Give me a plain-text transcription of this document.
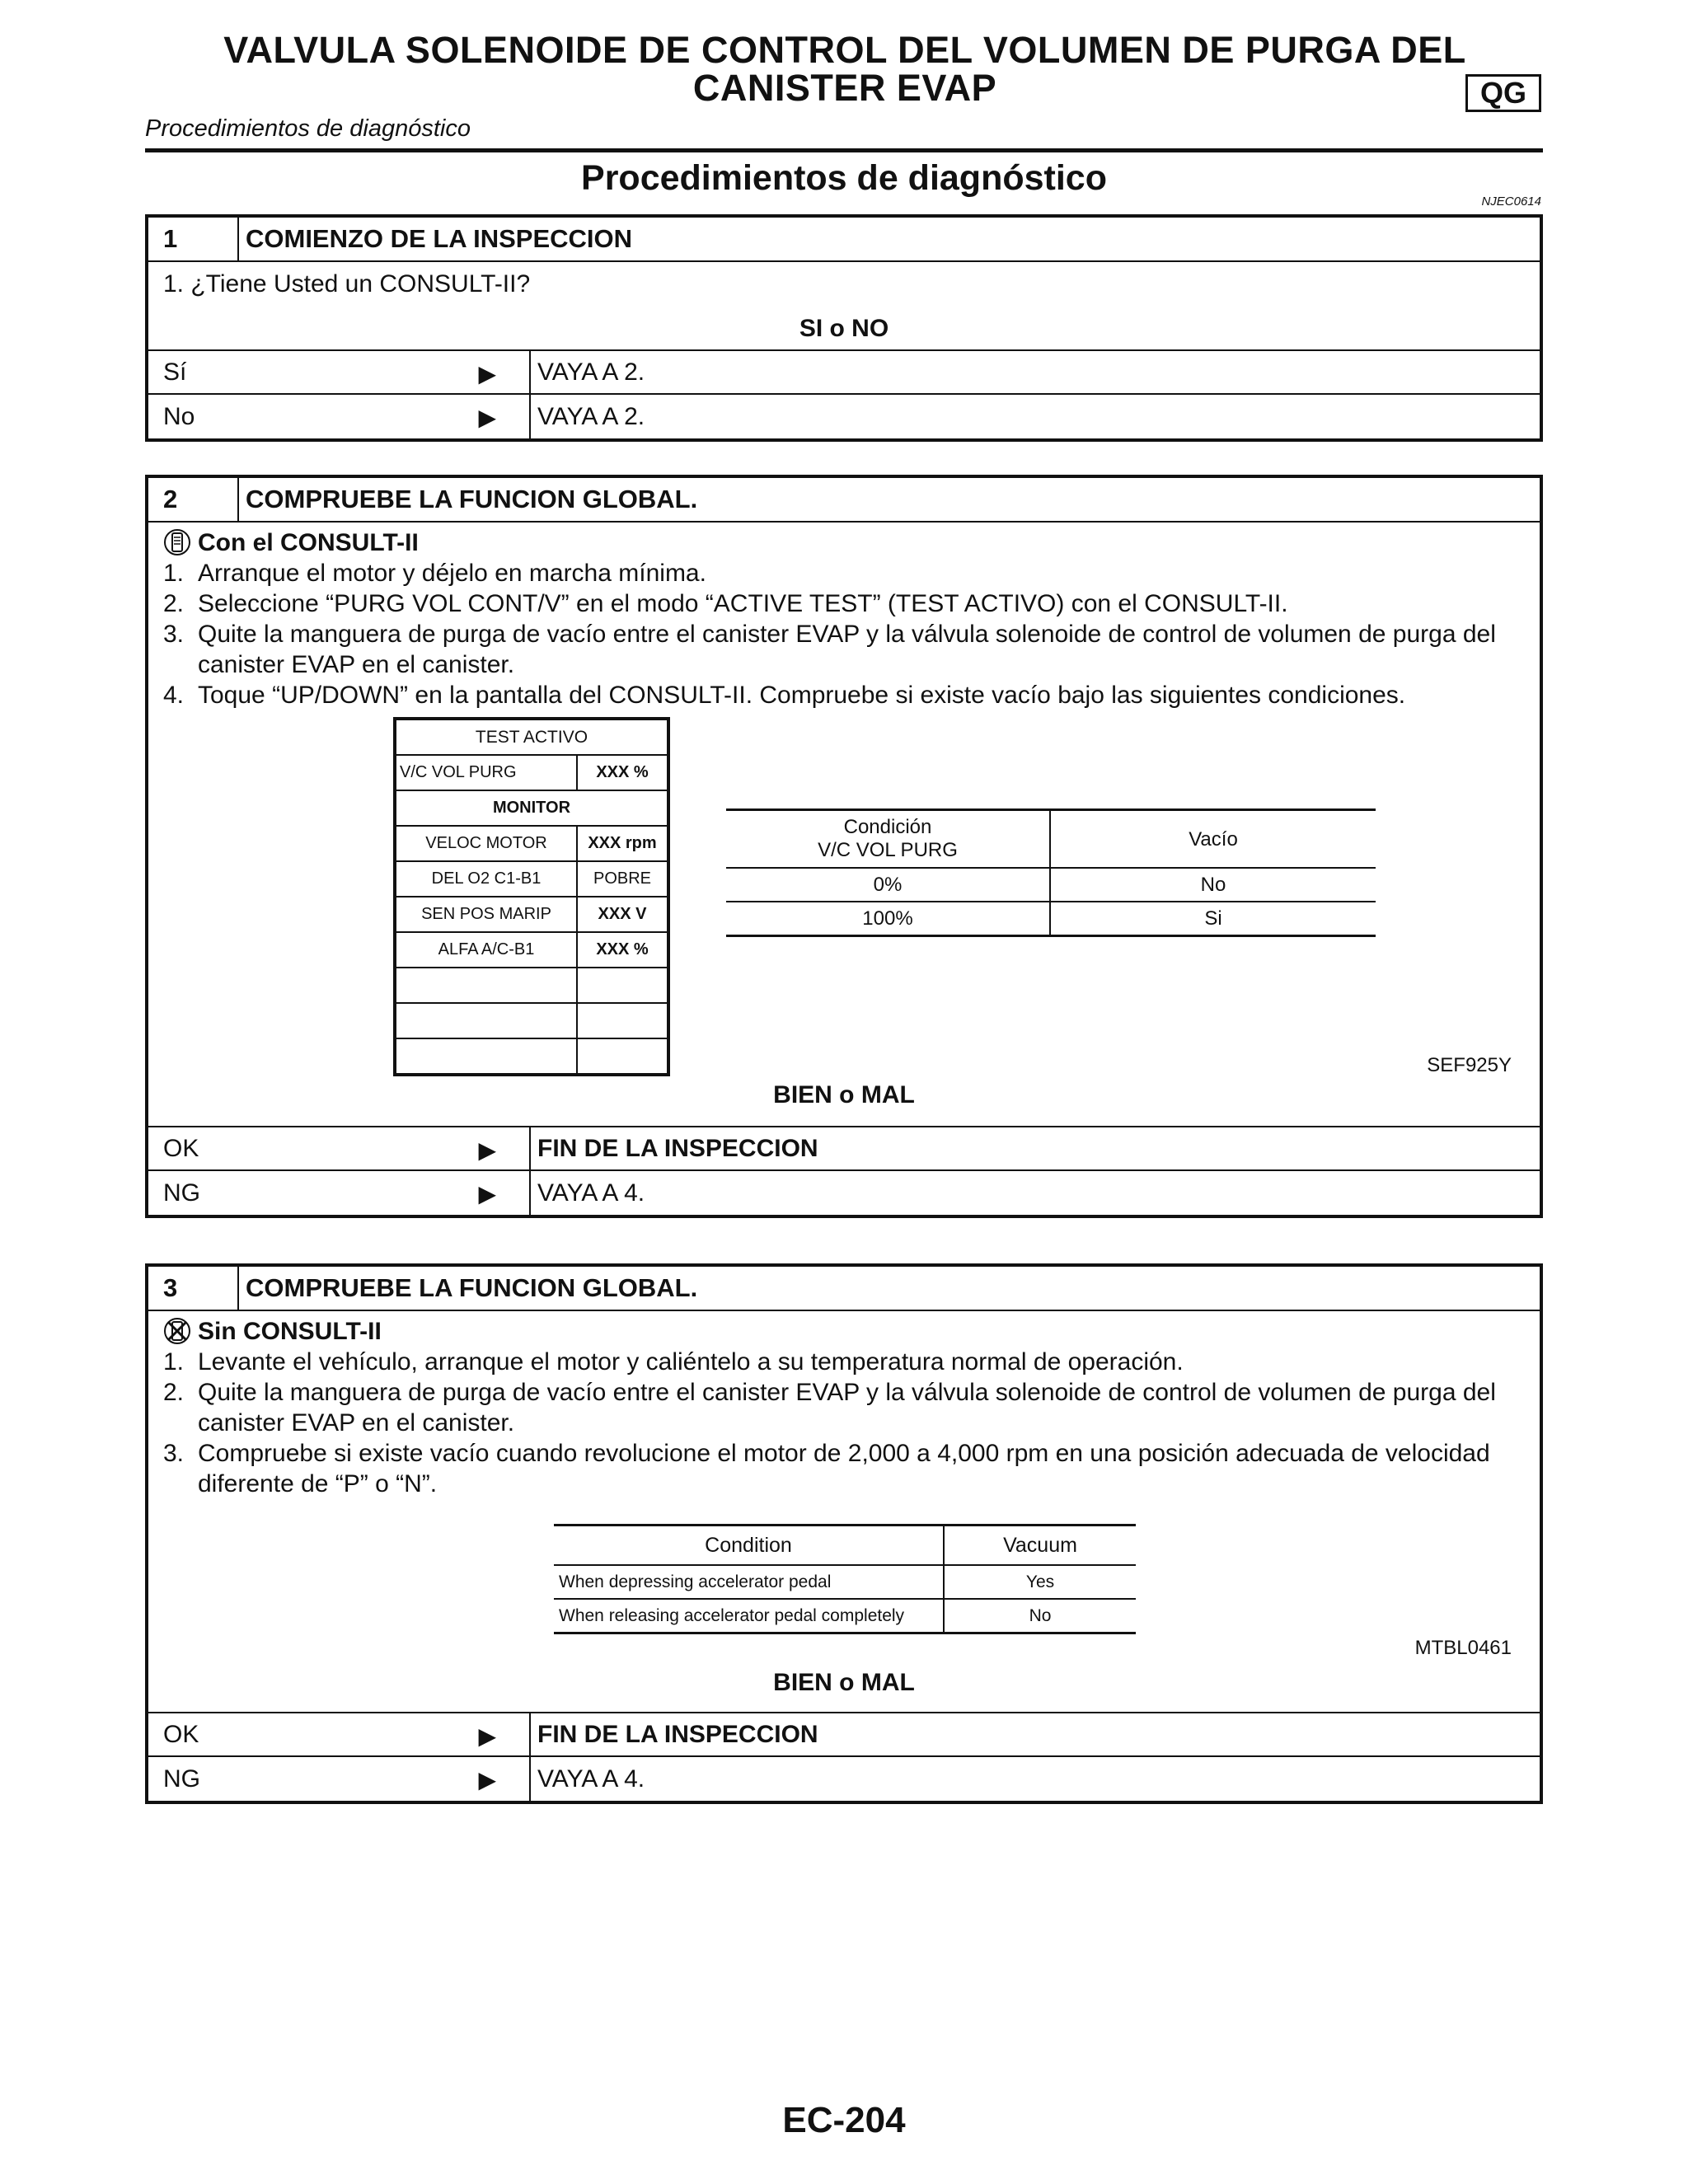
VALVULA SOLENOIDE DE CONTROL DEL VOLUMEN DE PURGA DEL
CANISTER EVAP	QG
Procedimientos de diagnóstico
Procedimientos de diagnóstico
NJEC0614
1	COMIENZO DE LA INSPECCION
1. ¿Tiene Usted un CONSULT-II?
SI o NO
Sí	▶ VAYA A 2.
No	▶ VAYA A 2.
2	COMPRUEBE LA FUNCION GLOBAL.
Con el CONSULT-II
1. Arranque el motor y déjelo en marcha mínima.
2. Seleccione “PURG VOL CONT/V” en el modo “ACTIVE TEST” (TEST ACTIVO) con el CONSULT-II.
3. Quite la manguera de purga de vacío entre el canister EVAP y la válvula solenoide de control de volumen de purga del canister EVAP en el canister.
4. Toque “UP/DOWN” en la pantalla del CONSULT-II. Compruebe si existe vacío bajo las siguientes condiciones.
TEST ACTIVO	
V/C VOL PURG	XXX %
MONITOR	
VELOC MOTOR	XXX rpm
DEL O2 C1-B1	POBRE
SEN POS MARIP	XXX V
ALFA A/C-B1	XXX %

Condición
V/C VOL PURG	Vacío
0%	No
100%	Si
SEF925Y
BIEN o MAL
OK	▶ FIN DE LA INSPECCION
NG	▶ VAYA A 4.
3	COMPRUEBE LA FUNCION GLOBAL.
Sin CONSULT-II
1. Levante el vehículo, arranque el motor y caliéntelo a su temperatura normal de operación.
2. Quite la manguera de purga de vacío entre el canister EVAP y la válvula solenoide de control de volumen de purga del canister EVAP en el canister.
3. Compruebe si existe vacío cuando revolucione el motor de 2,000 a 4,000 rpm en una posición adecuada de velocidad diferente de “P” o “N”.
Condition	Vacuum
When depressing accelerator pedal	Yes
When releasing accelerator pedal completely	No
MTBL0461
BIEN o MAL
OK	▶ FIN DE LA INSPECCION
NG	▶ VAYA A 4.
EC-204
